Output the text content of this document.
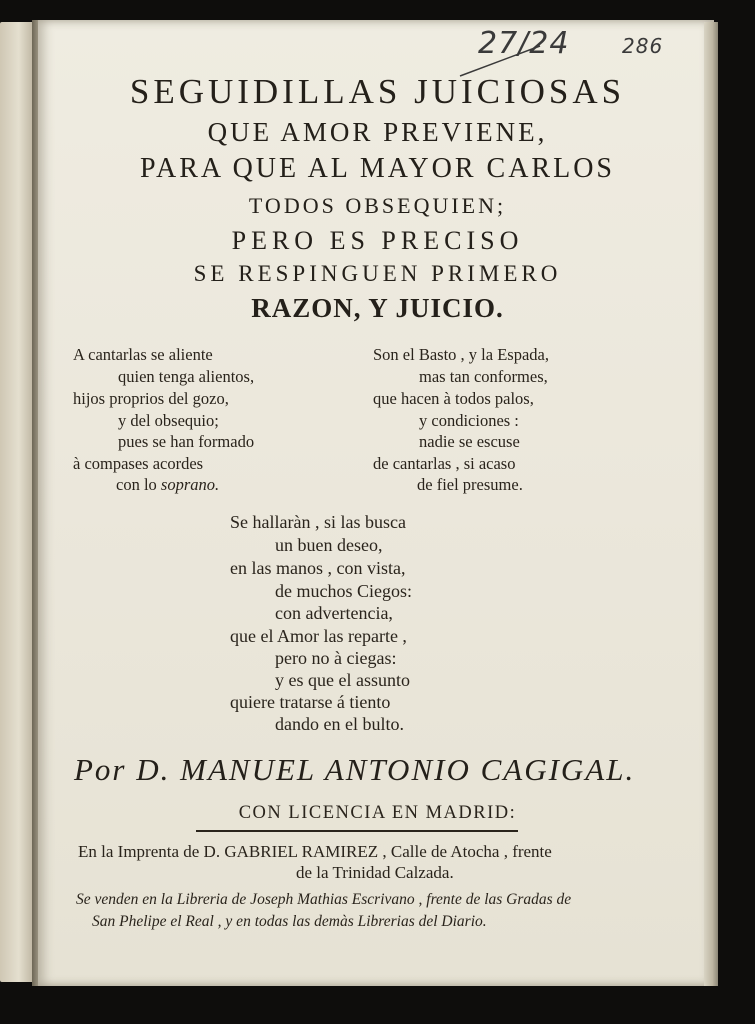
27/24	286
SEGUIDILLAS JUICIOSAS
QUE AMOR PREVIENE,
PARA QUE AL MAYOR CARLOS
TODOS OBSEQUIEN;
PERO ES PRECISO
SE RESPINGUEN PRIMERO
RAZON, Y JUICIO.
A cantarlas se aliente
quien tenga alientos,
hijos proprios del gozo,
y del obsequio;
pues se han formado
à compases acordes
con lo soprano.
Son el Basto , y la Espada,
mas tan conformes,
que hacen à todos palos,
y condiciones :
nadie se escuse
de cantarlas , si acaso
de fiel presume.
Se hallaràn , si las busca
un buen deseo,
en las manos , con vista,
de muchos Ciegos:
con advertencia,
que el Amor las reparte ,
pero no à ciegas:
y es que el assunto
quiere tratarse á tiento
dando en el bulto.
Por D. MANUEL ANTONIO CAGIGAL.
CON LICENCIA EN MADRID:
En la Imprenta de D. GABRIEL RAMIREZ , Calle de Atocha , frente
de la Trinidad Calzada.
Se venden en la Libreria de Joseph Mathias Escrivano , frente de las Gradas de
San Phelipe el Real , y en todas las demàs Librerias del Diario.
